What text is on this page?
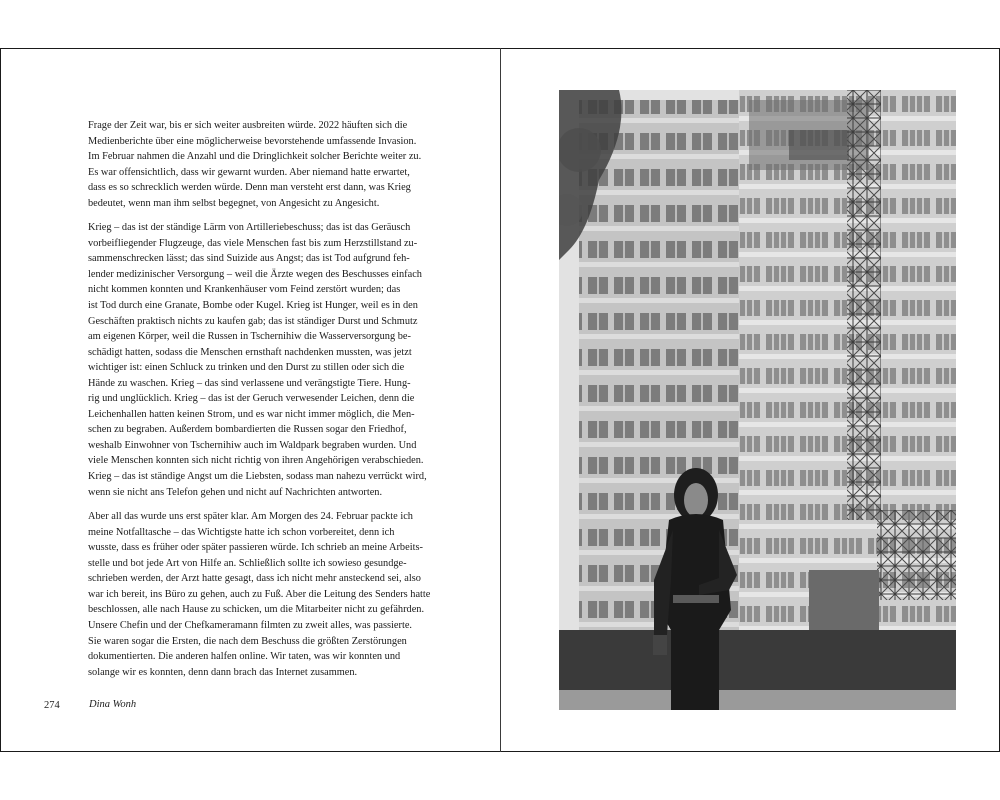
Frage der Zeit war, bis er sich weiter ausbreiten würde. 2022 häuften sich die
Medienberichte über eine möglicherweise bevorstehende umfassende Invasion.
Im Februar nahmen die Anzahl und die Dringlichkeit solcher Berichte weiter zu.
Es war offensichtlich, dass wir gewarnt wurden. Aber niemand hatte erwartet,
dass es so schrecklich werden würde. Denn man versteht erst dann, was Krieg
bedeutet, wenn man ihm selbst begegnet, von Angesicht zu Angesicht.

Krieg – das ist der ständige Lärm von Artilleriebeschuss; das ist das Geräusch
vorbeifliegender Flugzeuge, das viele Menschen fast bis zum Herzstillstand zu-
sammenschrecken lässt; das sind Suizide aus Angst; das ist Tod aufgrund feh-
lender medizinischer Versorgung – weil die Ärzte wegen des Beschusses einfach
nicht kommen konnten und Krankenhäuser vom Feind zerstört wurden; das
ist Tod durch eine Granate, Bombe oder Kugel. Krieg ist Hunger, weil es in den
Geschäften praktisch nichts zu kaufen gab; das ist ständiger Durst und Schmutz
am eigenen Körper, weil die Russen in Tschernihiw die Wasserversorgung be-
schädigt hatten, sodass die Menschen ernsthaft nachdenken mussten, was jetzt
wichtiger ist: einen Schluck zu trinken und den Durst zu stillen oder sich die
Hände zu waschen. Krieg – das sind verlassene und verängstigte Tiere. Hung-
rig und unglücklich. Krieg – das ist der Geruch verwesender Leichen, denn die
Leichenhallen hatten keinen Strom, und es war nicht immer möglich, die Men-
schen zu begraben. Außerdem bombardierten die Russen sogar den Friedhof,
weshalb Einwohner von Tschernihiw auch im Waldpark begraben wurden. Und
viele Menschen konnten sich nicht richtig von ihren Angehörigen verabschieden.
Krieg – das ist ständige Angst um die Liebsten, sodass man nahezu verrückt wird,
wenn sie nicht ans Telefon gehen und nicht auf Nachrichten antworten.

Aber all das wurde uns erst später klar. Am Morgen des 24. Februar packte ich
meine Notfalltasche – das Wichtigste hatte ich schon vorbereitet, denn ich
wusste, dass es früher oder später passieren würde. Ich schrieb an meine Arbeits-
stelle und bot jede Art von Hilfe an. Schließlich sollte ich sowieso gesundge-
schrieben werden, der Arzt hatte gesagt, dass ich nicht mehr ansteckend sei, also
war ich bereit, ins Büro zu gehen, auch zu Fuß. Aber die Leitung des Senders hatte
beschlossen, alle nach Hause zu schicken, um die Mitarbeiter nicht zu gefährden.
Unsere Chefin und der Chefkameramann filmten zu zweit alles, was passierte.
Sie waren sogar die Ersten, die nach dem Beschuss die größten Zerstörungen
dokumentierten. Die anderen halfen online. Wir taten, was wir konnten und
solange wir es konnten, denn dann brach das Internet zusammen.

274	Dina Wonh
